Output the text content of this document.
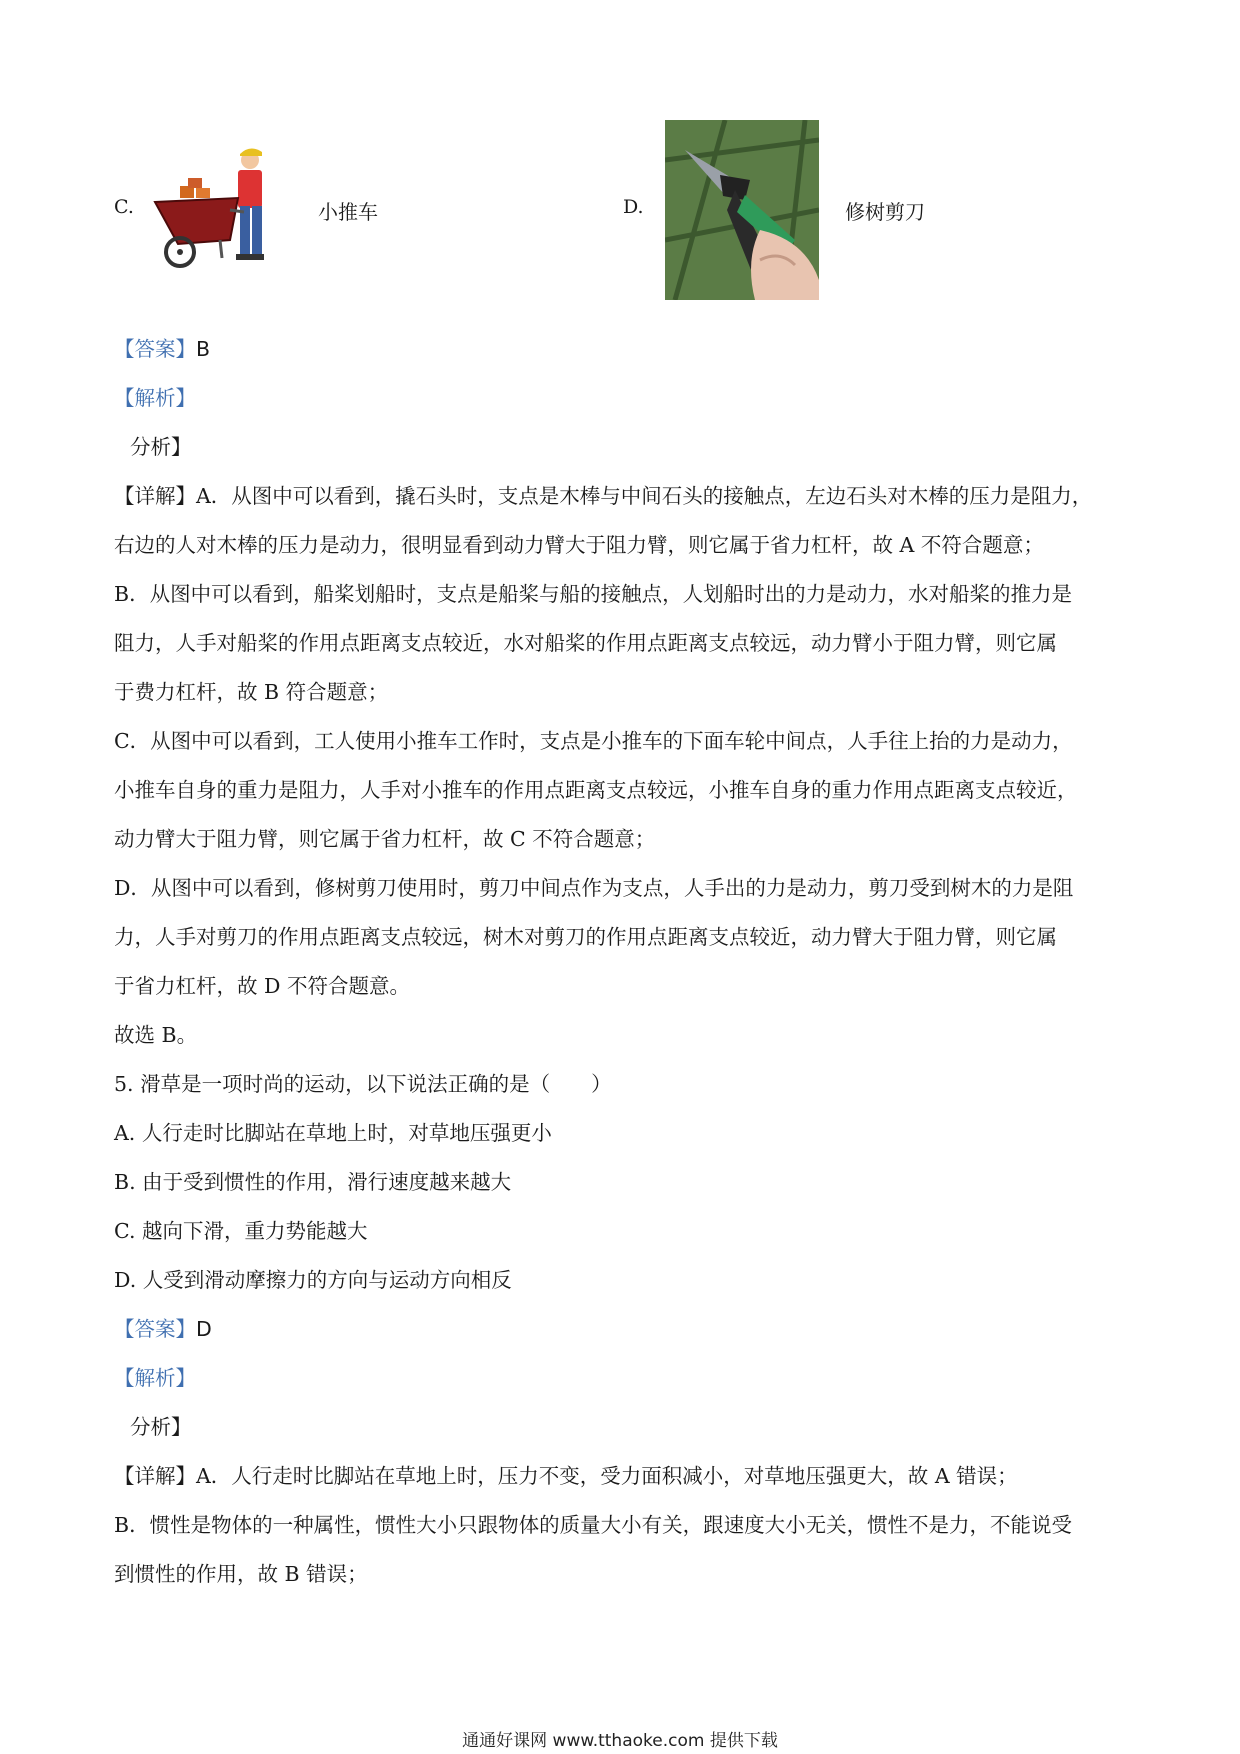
C.	小推车	D.	修树剪刀
【答案】B
【解析】
分析】
【详解】A．从图中可以看到，撬石头时，支点是木棒与中间石头的接触点，左边石头对木棒的压力是阻力，
右边的人对木棒的压力是动力，很明显看到动力臂大于阻力臂，则它属于省力杠杆，故 A 不符合题意；
B．从图中可以看到，船桨划船时，支点是船桨与船的接触点，人划船时出的力是动力，水对船桨的推力是
阻力，人手对船桨的作用点距离支点较近，水对船桨的作用点距离支点较远，动力臂小于阻力臂，则它属
于费力杠杆，故 B 符合题意；
C．从图中可以看到，工人使用小推车工作时，支点是小推车的下面车轮中间点，人手往上抬的力是动力，
小推车自身的重力是阻力，人手对小推车的作用点距离支点较远，小推车自身的重力作用点距离支点较近，
动力臂大于阻力臂，则它属于省力杠杆，故 C 不符合题意；
D．从图中可以看到，修树剪刀使用时，剪刀中间点作为支点，人手出的力是动力，剪刀受到树木的力是阻
力，人手对剪刀的作用点距离支点较远，树木对剪刀的作用点距离支点较近，动力臂大于阻力臂，则它属
于省力杠杆，故 D 不符合题意。
故选 B。
5. 滑草是一项时尚的运动，以下说法正确的是（　　）
A. 人行走时比脚站在草地上时，对草地压强更小
B. 由于受到惯性的作用，滑行速度越来越大
C. 越向下滑，重力势能越大
D. 人受到滑动摩擦力的方向与运动方向相反
【答案】D
【解析】
分析】
【详解】A．人行走时比脚站在草地上时，压力不变，受力面积减小，对草地压强更大，故 A 错误；
B．惯性是物体的一种属性，惯性大小只跟物体的质量大小有关，跟速度大小无关，惯性不是力，不能说受
到惯性的作用，故 B 错误；
通通好课网 www.tthaoke.com 提供下载
